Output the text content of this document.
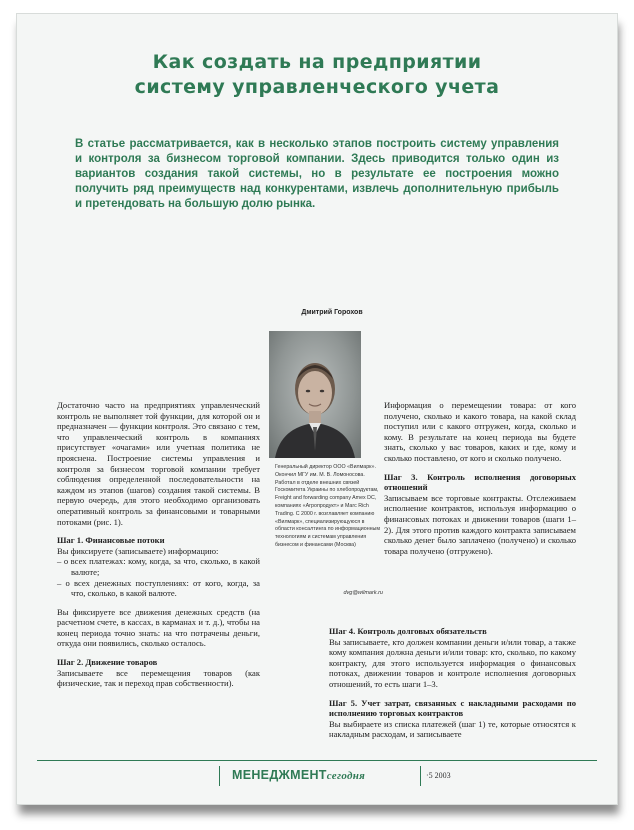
Как создать на предприятии
систему управленческого учета

В статье рассматривается, как в несколько этапов построить систему управления и контроля за бизнесом торговой компании. Здесь приводится только один из вариантов создания такой системы, но в результате ее построения можно получить ряд преимуществ над конкурентами, извлечь дополнительную прибыль и претендовать на большую долю рынка.

Дмитрий Горохов

Генеральный директор ООО «Вилмарк». Окончил МГУ им. М. В. Ломоносова. Работал в отделе внешних связей Госкомитета Украины по хлебопродуктам, Freight and forwarding company Amex DC, компаниях «Агропродукт» и Marc Rich Trading. С 2000 г. возглавляет компанию «Вилмарк», специализирующуюся в области консалтинга по информационным технологиям и системам управления бизнесом и финансами (Москва)

dvg@wilmark.ru

Достаточно часто на предприятиях управленческий контроль не выполняет той функции, для которой он и предназначен — функции контроля. Это связано с тем, что управленческий контроль в компаниях присутствует «очагами» или учетная политика не прояснена. Построение системы управления и контроля за бизнесом торговой компании требует соблюдения определенной последовательности на каждом из этапов (шагов) создания такой системы. В первую очередь, для этого необходимо организовать оперативный контроль за финансовыми и товарными потоками (рис. 1).

Шаг 1. Финансовые потоки
Вы фиксируете (записываете) информацию:
– о всех платежах: кому, когда, за что, сколько, в какой валюте;
– о всех денежных поступлениях: от кого, когда, за что, сколько, в какой валюте.

Вы фиксируете все движения денежных средств (на расчетном счете, в кассах, в карманах и т. д.), чтобы на конец периода точно знать: на что потрачены деньги, откуда они появились, сколько осталось.

Шаг 2. Движение товаров
Записываете все перемещения товаров (как физические, так и переход прав собственности).

Информация о перемещении товара: от кого получено, сколько и какого товара, на какой склад поступил или с какого отгружен, когда, сколько и кому. В результате на конец периода вы будете знать, сколько у вас товаров, каких и где, кому и сколько поставлено, от кого и сколько получено.

Шаг 3. Контроль исполнения договорных отношений
Записываем все торговые контракты. Отслеживаем исполнение контрактов, используя информацию о финансовых потоках и движении товаров (шаги 1–2). Для этого против каждого контракта записываем сколько денег было заплачено (получено) и сколько товара получено (отгружено).
Шаг 4. Контроль долговых обязательств

Вы записываете, кто должен компании деньги и/или товар, а также кому компания должна деньги и/или товар: кто, сколько, по какому контракту, для этого используется информация о финансовых потоках, движении товаров и контроле исполнения договорных отношений, то есть шаги 1–3.

Шаг 5. Учет затрат, связанных с накладными расходами по исполнению торговых контрактов
Вы выбираете из списка платежей (шаг 1) те, которые относятся к накладным расходам, и записываете
МЕНЕДЖМЕНТсегодня	·5 2003
